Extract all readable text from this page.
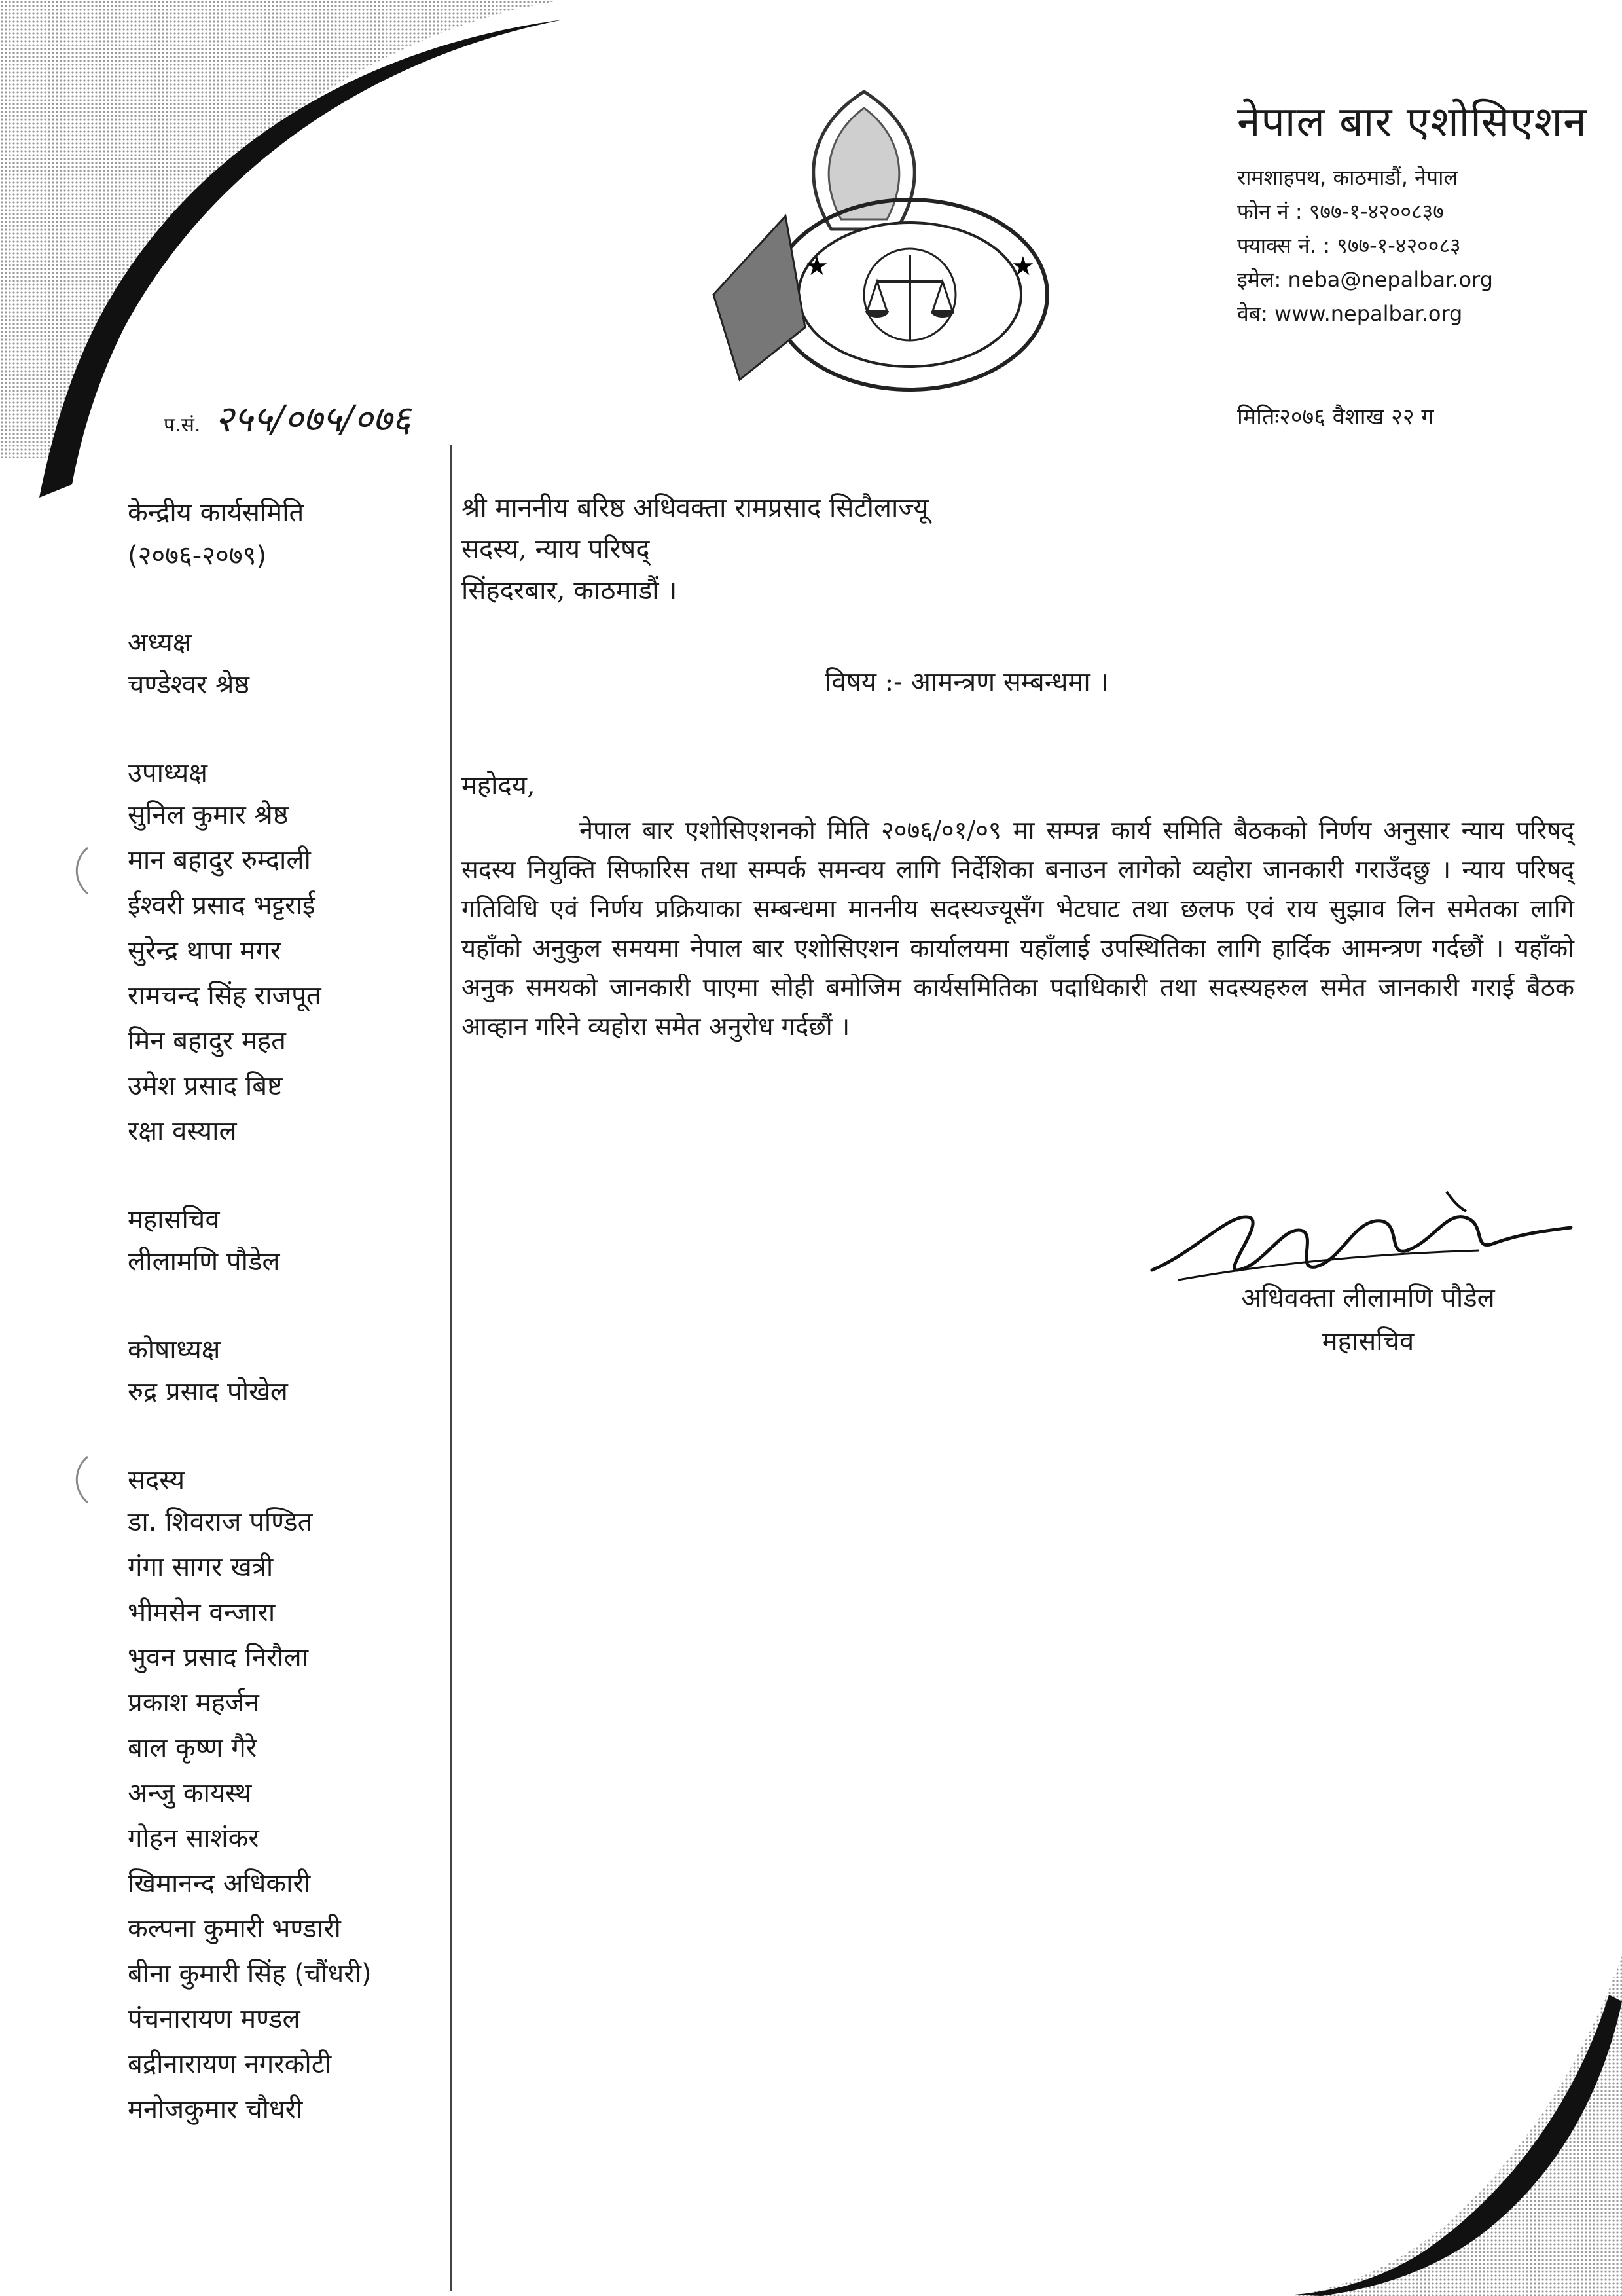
★	★

नेपाल बार एशोसिएशन

रामशाहपथ, काठमाडौं, नेपाल

फोन नं : ९७७-१-४२००८३७

फ्याक्स नं. : ९७७-१-४२००८३

इमेल: neba@nepalbar.org

वेब: www.nepalbar.org

मितिः२०७६ वैशाख २२ ग
प.सं. २५५/०७५/०७६

केन्द्रीय कार्यसमिति

(२०७६-२०७९)

अध्यक्ष

चण्डेश्वर श्रेष्ठ

उपाध्यक्ष

सुनिल कुमार श्रेष्ठ

मान बहादुर रुम्दाली

ईश्वरी प्रसाद भट्टराई

सुरेन्द्र थापा मगर

रामचन्द सिंह राजपूत

मिन बहादुर महत

उमेश प्रसाद बिष्ट

रक्षा वस्याल

महासचिव

लीलामणि पौडेल

कोषाध्यक्ष

रुद्र प्रसाद पोखेल

सदस्य

डा. शिवराज पण्डित

गंगा सागर खत्री

भीमसेन वन्जारा

भुवन प्रसाद निरौला

प्रकाश महर्जन

बाल कृष्ण गैरे

अन्जु कायस्थ

गोहन साशंकर

खिमानन्द अधिकारी

कल्पना कुमारी भण्डारी

बीना कुमारी सिंह (चौंधरी)

पंचनारायण मण्डल

बद्रीनारायण नगरकोटी

मनोजकुमार चौधरी

श्री माननीय बरिष्ठ अधिवक्ता रामप्रसाद सिटौलाज्यू

सदस्य, न्याय परिषद्

सिंहदरबार, काठमाडौं ।

विषय :- आमन्त्रण सम्बन्धमा ।
महोदय,

नेपाल बार एशोसिएशनको मिति २०७६/०१/०९ मा सम्पन्न कार्य समिति बैठकको निर्णय अनुसार न्याय परिषद् सदस्य नियुक्ति सिफारिस तथा सम्पर्क समन्वय लागि निर्देशिका बनाउन लागेको व्यहोरा जानकारी गराउँदछु । न्याय परिषद् गतिविधि एवं निर्णय प्रक्रियाका सम्बन्धमा माननीय सदस्यज्यूसँग भेटघाट तथा छलफ एवं राय सुझाव लिन समेतका लागि यहाँको अनुकुल समयमा नेपाल बार एशोसिएशन कार्यालयमा यहाँलाई उपस्थितिका लागि हार्दिक आमन्त्रण गर्दछौं । यहाँको अनुक समयको जानकारी पाएमा सोही बमोजिम कार्यसमितिका पदाधिकारी तथा सदस्यहरुल समेत जानकारी गराई बैठक आव्हान गरिने व्यहोरा समेत अनुरोध गर्दछौं ।

अधिवक्ता लीलामणि पौडेल

महासचिव
